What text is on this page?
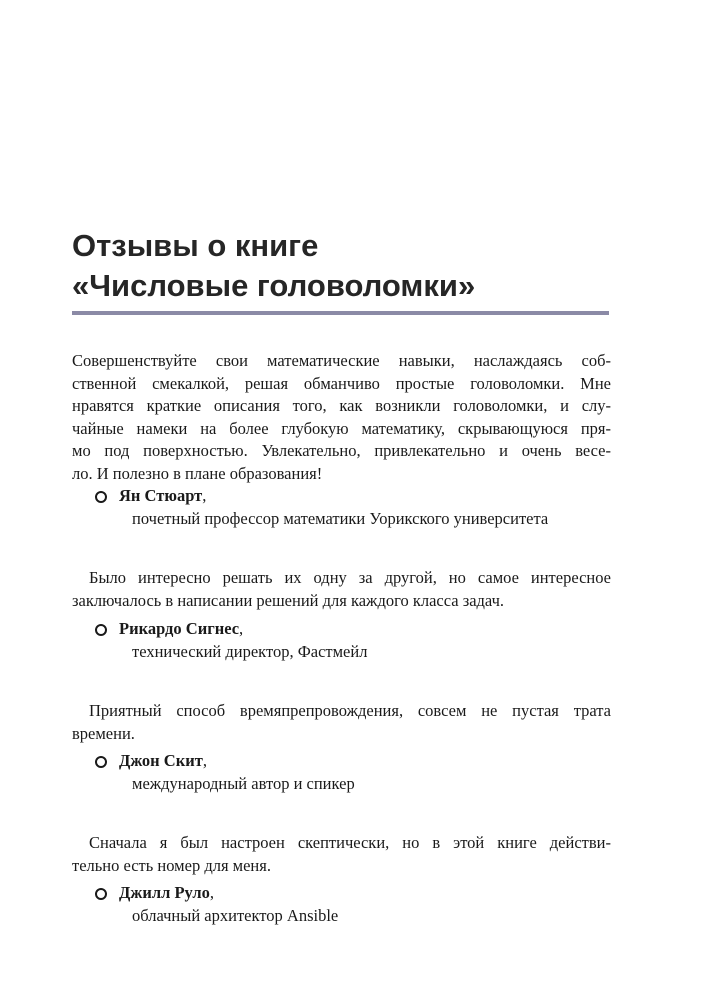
Отзывы о книге
«Числовые головоломки»

Совершенствуйте свои математические навыки, наслаждаясь соб-
ственной смекалкой, решая обманчиво простые головоломки. Мне
нравятся краткие описания того, как возникли головоломки, и слу-
чайные намеки на более глубокую математику, скрывающуюся пря-
мо под поверхностью. Увлекательно, привлекательно и очень весе-
ло. И полезно в плане образования!

Ян Стюарт,
почетный профессор математики Уорикского университета

Было интересно решать их одну за другой, но самое интересное
заключалось в написании решений для каждого класса задач.

Рикардо Сигнес,
технический директор, Фастмейл

Приятный способ времяпрепровождения, совсем не пустая трата
времени.

Джон Скит,
международный автор и спикер

Сначала я был настроен скептически, но в этой книге действи-
тельно есть номер для меня.

Джилл Руло,
облачный архитектор Ansible
